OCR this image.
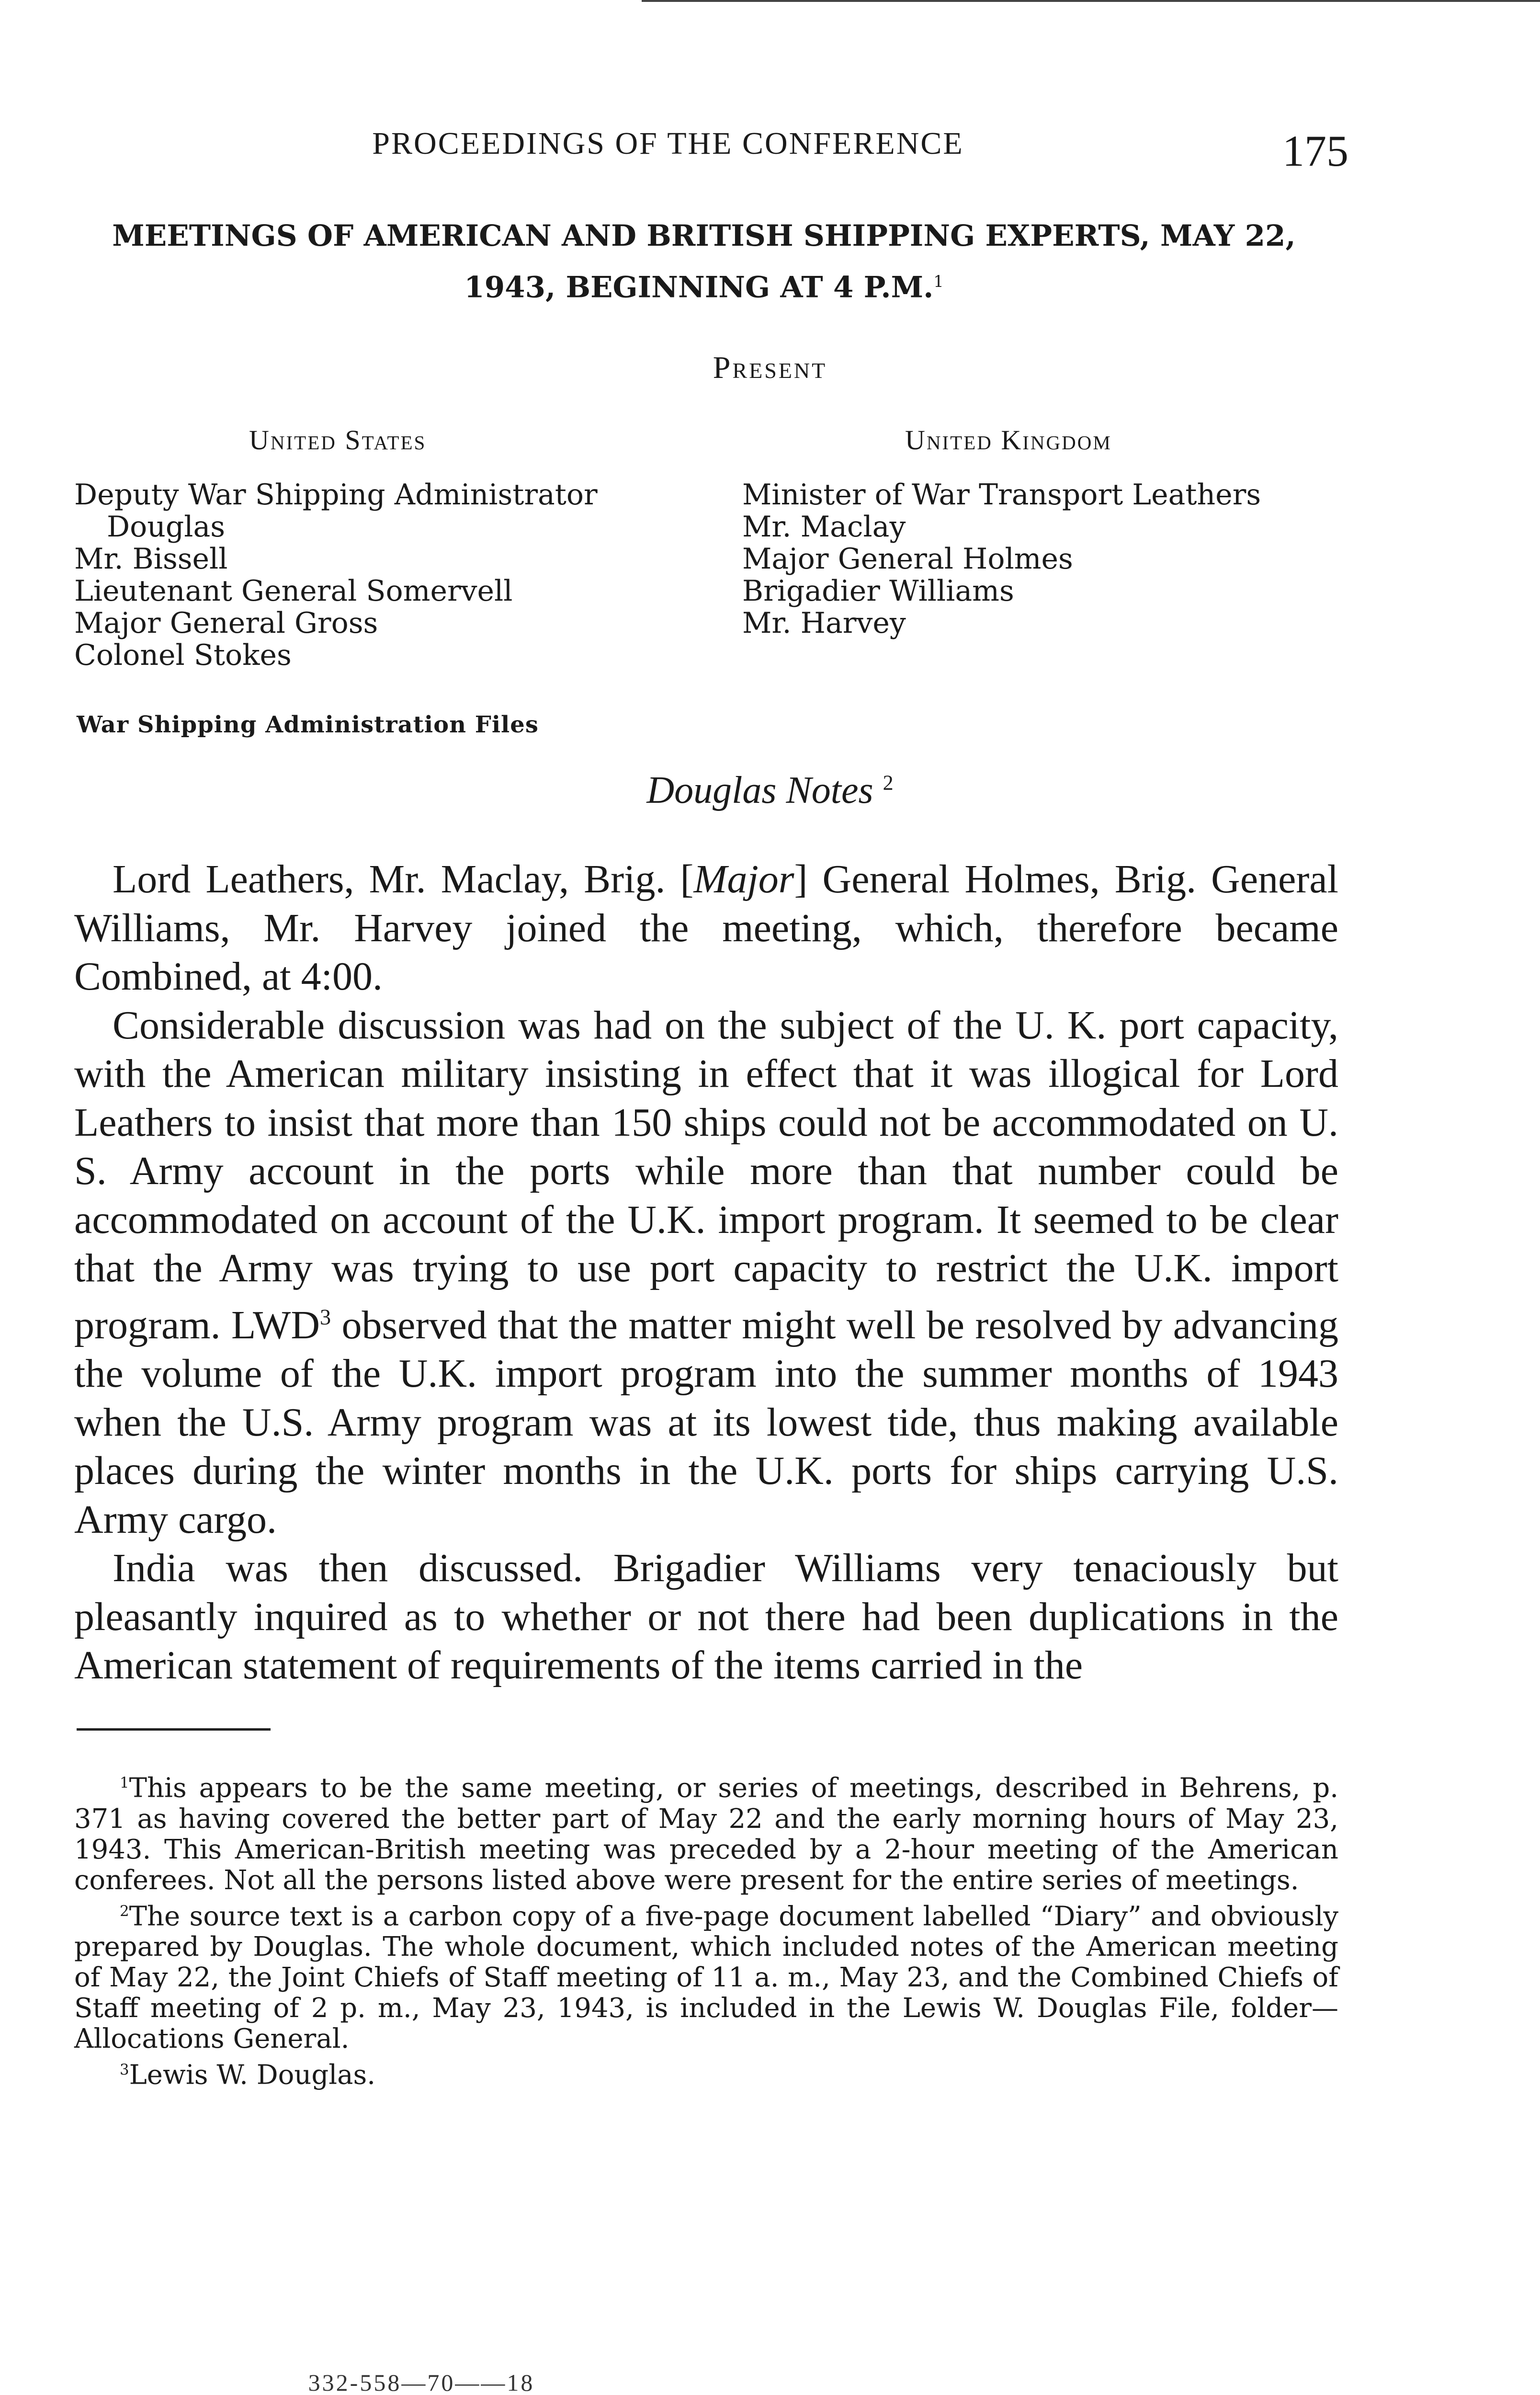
PROCEEDINGS OF THE CONFERENCE	175
MEETINGS OF AMERICAN AND BRITISH SHIPPING EXPERTS, MAY 22,
1943, BEGINNING AT 4 P.M.$^1$
Present
United States	United Kingdom
Deputy War Shipping Administrator
Douglas
Mr. Bissell
Lieutenant General Somervell
Major General Gross
Colonel Stokes
Minister of War Transport Leathers
Mr. Maclay
Major General Holmes
Brigadier Williams
Mr. Harvey
War Shipping Administration Files
Douglas Notes $^2$

Lord Leathers, Mr. Maclay, Brig. [Major] General Holmes, Brig. General Williams, Mr. Harvey joined the meeting, which, therefore became Combined, at 4:00.

Considerable discussion was had on the subject of the U. K. port capacity, with the American military insisting in effect that it was illogical for Lord Leathers to insist that more than 150 ships could not be accommodated on U. S. Army account in the ports while more than that number could be accommodated on account of the U.K. import program. It seemed to be clear that the Army was trying to use port capacity to restrict the U.K. import program. LWD$^3$ observed that the matter might well be resolved by advancing the volume of the U.K. import program into the summer months of 1943 when the U.S. Army program was at its lowest tide, thus making available places during the winter months in the U.K. ports for ships carrying U.S. Army cargo.

India was then discussed. Brigadier Williams very tenaciously but pleasantly inquired as to whether or not there had been duplications in the American statement of requirements of the items carried in the

$^1$This appears to be the same meeting, or series of meetings, described in Behrens, p. 371 as having covered the better part of May 22 and the early morning hours of May 23, 1943. This American-British meeting was preceded by a 2-hour meeting of the American conferees. Not all the persons listed above were present for the entire series of meetings.

$^2$The source text is a carbon copy of a five-page document labelled “Diary” and obviously prepared by Douglas. The whole document, which included notes of the American meeting of May 22, the Joint Chiefs of Staff meeting of 11 a. m., May 23, and the Combined Chiefs of Staff meeting of 2 p. m., May 23, 1943, is included in the Lewis W. Douglas File, folder—Allocations General.

$^3$Lewis W. Douglas.

332-558—70——18
